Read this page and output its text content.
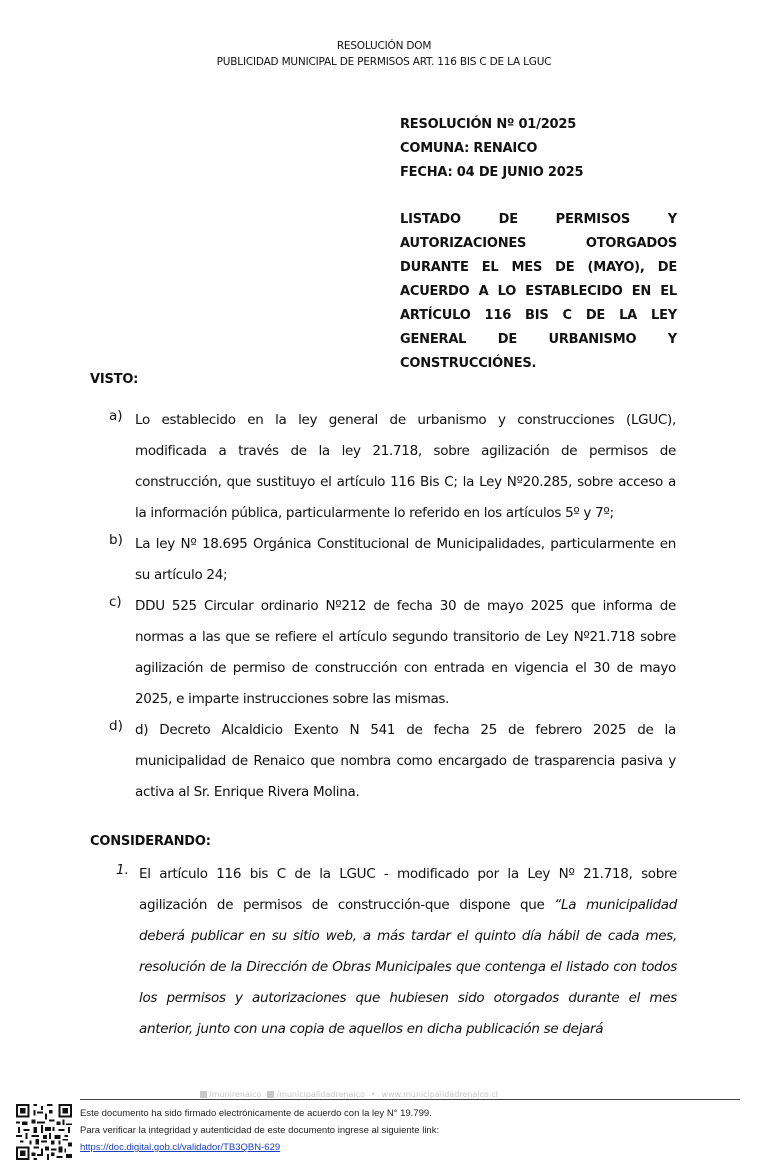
RESOLUCIÓN DOM
PUBLICIDAD MUNICIPAL DE PERMISOS ART. 116 BIS C DE LA LGUC
RESOLUCIÓN Nº 01/2025
COMUNA: RENAICO
FECHA: 04 DE JUNIO 2025
LISTADO DE PERMISOS Y AUTORIZACIONES OTORGADOS DURANTE EL MES DE (MAYO), DE ACUERDO A LO ESTABLECIDO EN EL ARTÍCULO 116 BIS C DE LA LEY GENERAL DE URBANISMO Y CONSTRUCCIÓNES.
VISTO:
a) Lo establecido en la ley general de urbanismo y construcciones (LGUC), modificada a través de la ley 21.718, sobre agilización de permisos de construcción, que sustituyo el artículo 116 Bis C; la Ley Nº20.285, sobre acceso a la información pública, particularmente lo referido en los artículos 5º y 7º;
b) La ley Nº 18.695 Orgánica Constitucional de Municipalidades, particularmente en su artículo 24;
c) DDU 525 Circular ordinario Nº212 de fecha 30 de mayo 2025 que informa de normas a las que se refiere el artículo segundo transitorio de Ley Nº21.718 sobre agilización de permiso de construcción con entrada en vigencia el 30 de mayo 2025, e imparte instrucciones sobre las mismas.
d) d) Decreto Alcaldicio Exento N 541 de fecha 25 de febrero 2025 de la municipalidad de Renaico que nombra como encargado de trasparencia pasiva y activa al Sr. Enrique Rivera Molina.
CONSIDERANDO:
1. El artículo 116 bis C de la LGUC - modificado por la Ley Nº 21.718, sobre agilización de permisos de construcción-que dispone que “La municipalidad deberá publicar en su sitio web, a más tardar el quinto día hábil de cada mes, resolución de la Dirección de Obras Municipales que contenga el listado con todos los permisos y autorizaciones que hubiesen sido otorgados durante el mes anterior, junto con una copia de aquellos en dicha publicación se dejará
/munirenaico	/municipalidadrenaico • www.municipalidadrenaico.cl
Este documento ha sido firmado electrónicamente de acuerdo con la ley N° 19.799.
Para verificar la integridad y autenticidad de este documento ingrese al siguiente link:
https://doc.digital.gob.cl/validador/TB3QBN-629
